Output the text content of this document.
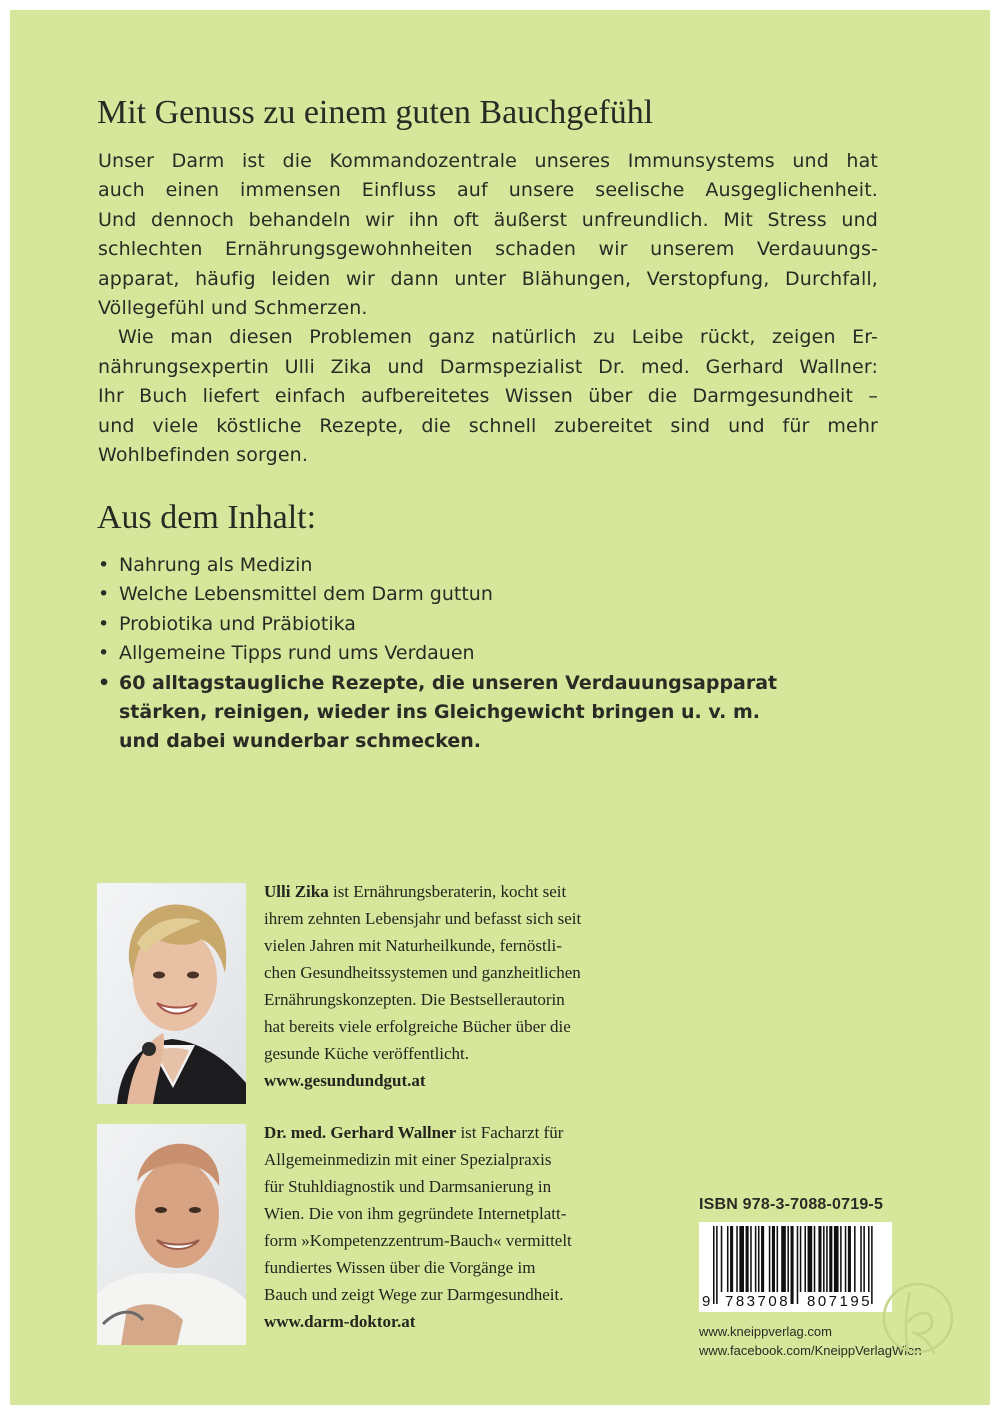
Mit Genuss zu einem guten Bauchgefühl

Unser Darm ist die Kommandozentrale unseres Immunsystems und hat
auch einen immensen Einfluss auf unsere seelische Ausgeglichenheit.
Und dennoch behandeln wir ihn oft äußerst unfreundlich. Mit Stress und
schlechten Ernährungsgewohnheiten schaden wir unserem Verdauungs-
apparat, häufig leiden wir dann unter Blähungen, Verstopfung, Durchfall,
Völlegefühl und Schmerzen.

Wie man diesen Problemen ganz natürlich zu Leibe rückt, zeigen Er-
nährungsexpertin Ulli Zika und Darmspezialist Dr. med. Gerhard Wallner:
Ihr Buch liefert einfach aufbereitetes Wissen über die Darmgesundheit –
und viele köstliche Rezepte, die schnell zubereitet sind und für mehr
Wohlbefinden sorgen.

Aus dem Inhalt:
• Nahrung als Medizin
• Welche Lebensmittel dem Darm guttun
• Probiotika und Präbiotika
• Allgemeine Tipps rund ums Verdauen
• 60 alltagstaugliche Rezepte, die unseren Verdauungsapparat
stärken, reinigen, wieder ins Gleichgewicht bringen u. v. m.
und dabei wunderbar schmecken.
Ulli Zika ist Ernährungsberaterin, kocht seit
ihrem zehnten Lebensjahr und befasst sich seit
vielen Jahren mit Naturheilkunde, fernöstli-
chen Gesundheitssystemen und ganzheitlichen
Ernährungskonzepten. Die Bestsellerautorin
hat bereits viele erfolgreiche Bücher über die
gesunde Küche veröffentlicht.
www.gesundundgut.at
Dr. med. Gerhard Wallner ist Facharzt für
Allgemeinmedizin mit einer Spezialpraxis
für Stuhldiagnostik und Darmsanierung in
Wien. Die von ihm gegründete Internetplatt-
form »Kompetenzzentrum-Bauch« vermittelt
fundiertes Wissen über die Vorgänge im
Bauch und zeigt Wege zur Darmgesundheit.
www.darm-doktor.at
ISBN 978-3-7088-0719-5
9 783708 807195
www.kneippverlag.com
www.facebook.com/KneippVerlagWien
